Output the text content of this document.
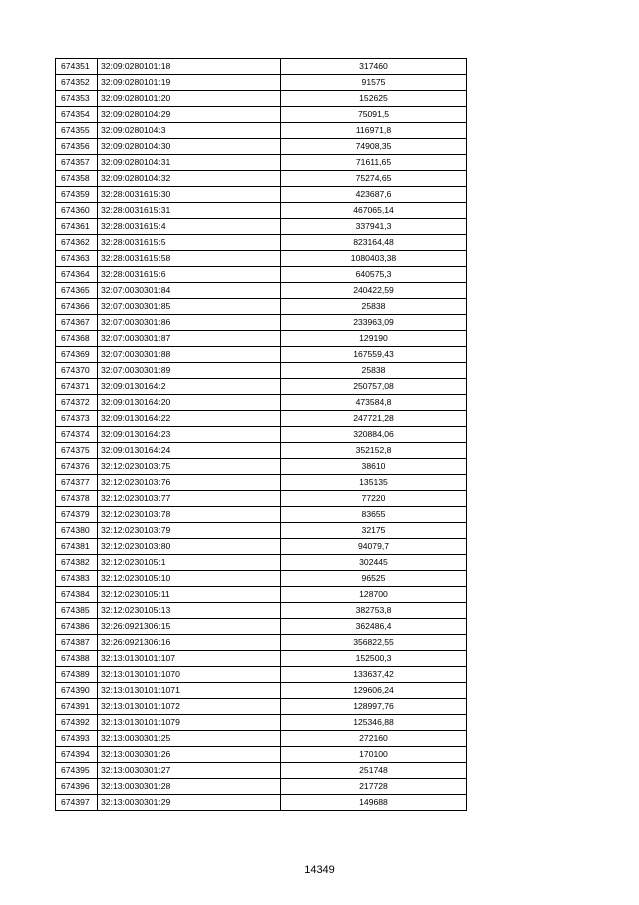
674351	32:09:0280101:18	317460
674352	32:09:0280101:19	91575
674353	32:09:0280101:20	152625
674354	32:09:0280104:29	75091,5
674355	32:09:0280104:3	116971,8
674356	32:09:0280104:30	74908,35
674357	32:09:0280104:31	71611,65
674358	32:09:0280104:32	75274,65
674359	32:28:0031615:30	423687,6
674360	32:28:0031615:31	467065,14
674361	32:28:0031615:4	337941,3
674362	32:28:0031615:5	823164,48
674363	32:28:0031615:58	1080403,38
674364	32:28:0031615:6	640575,3
674365	32:07:0030301:84	240422,59
674366	32:07:0030301:85	25838
674367	32:07:0030301:86	233963,09
674368	32:07:0030301:87	129190
674369	32:07:0030301:88	167559,43
674370	32:07:0030301:89	25838
674371	32:09:0130164:2	250757,08
674372	32:09:0130164:20	473584,8
674373	32:09:0130164:22	247721,28
674374	32:09:0130164:23	320884,06
674375	32:09:0130164:24	352152,8
674376	32:12:0230103:75	38610
674377	32:12:0230103:76	135135
674378	32:12:0230103:77	77220
674379	32:12:0230103:78	83655
674380	32:12:0230103:79	32175
674381	32:12:0230103:80	94079,7
674382	32:12:0230105:1	302445
674383	32:12:0230105:10	96525
674384	32:12:0230105:11	128700
674385	32:12:0230105:13	382753,8
674386	32:26:0921306:15	362486,4
674387	32:26:0921306:16	356822,55
674388	32:13:0130101:107	152500,3
674389	32:13:0130101:1070	133637,42
674390	32:13:0130101:1071	129606,24
674391	32:13:0130101:1072	128997,76
674392	32:13:0130101:1079	125346,88
674393	32:13:0030301:25	272160
674394	32:13:0030301:26	170100
674395	32:13:0030301:27	251748
674396	32:13:0030301:28	217728
674397	32:13:0030301:29	149688
14349
